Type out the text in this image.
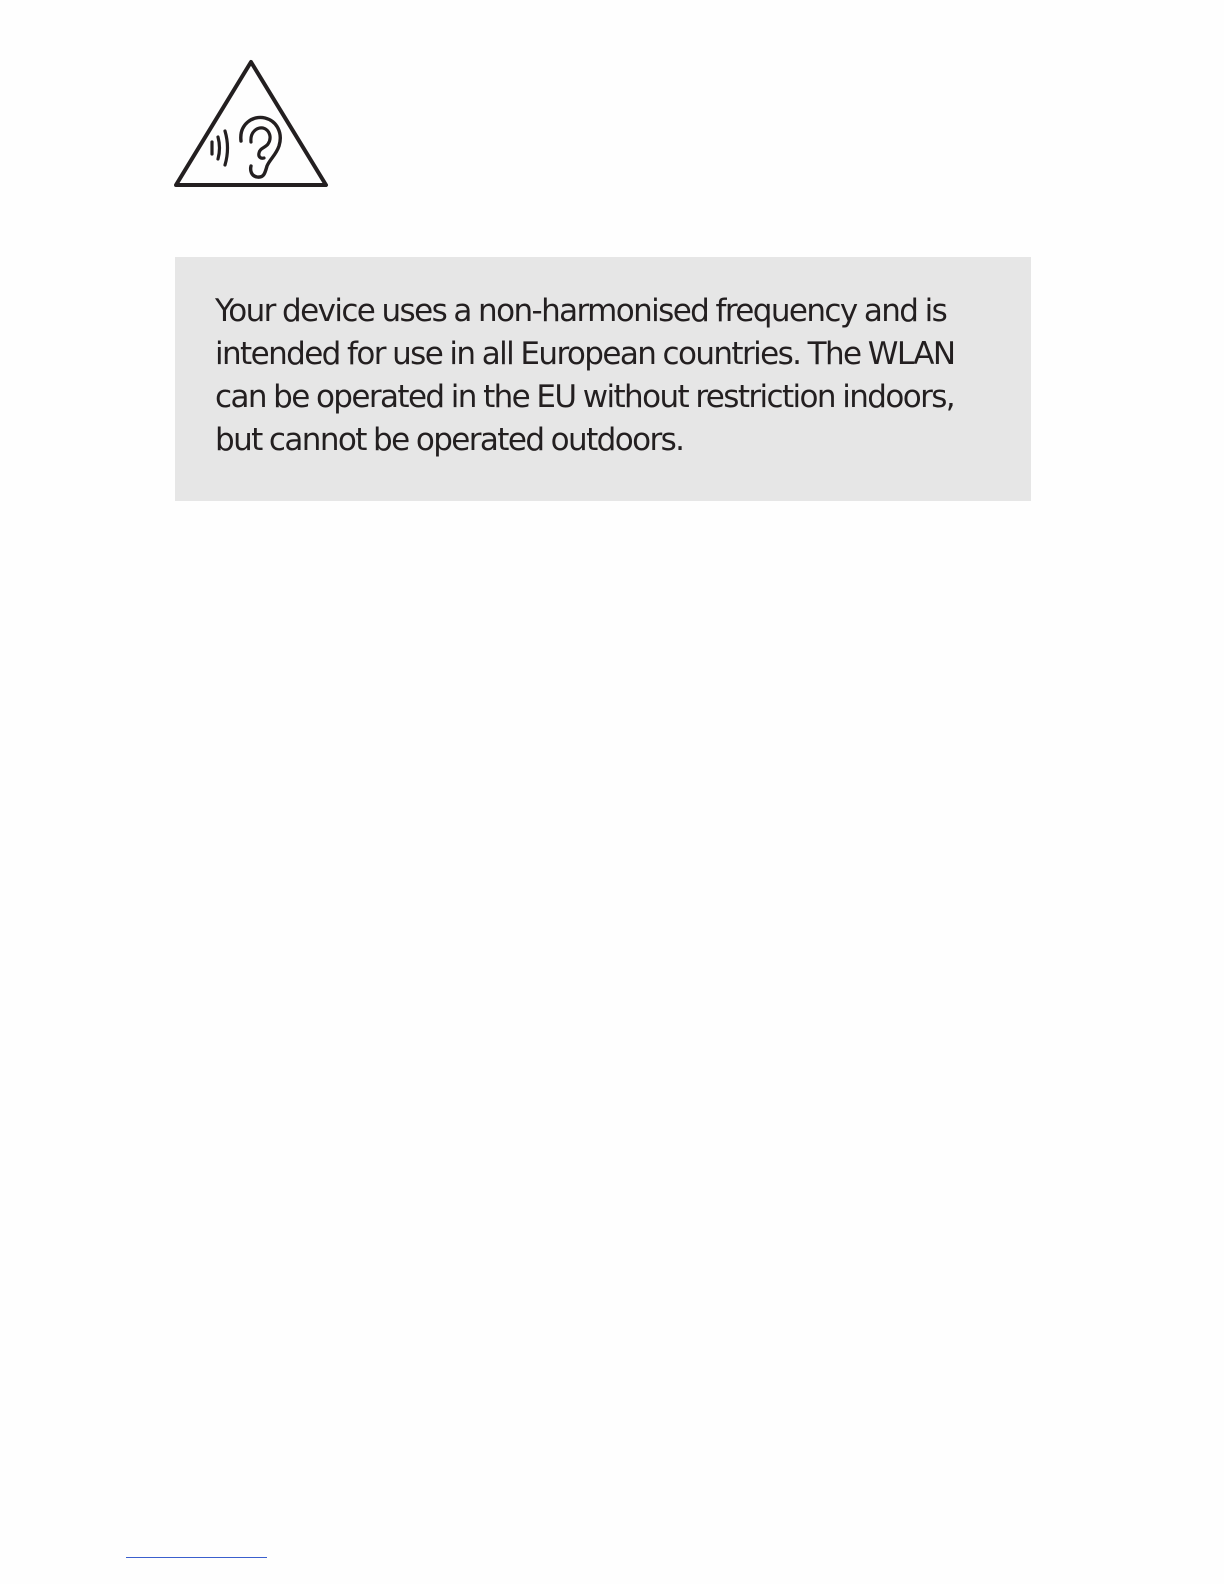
Your device uses a non-harmonised frequency and is intended for use in all European countries. The WLAN can be operated in the EU without restriction indoors, but cannot be operated outdoors.
